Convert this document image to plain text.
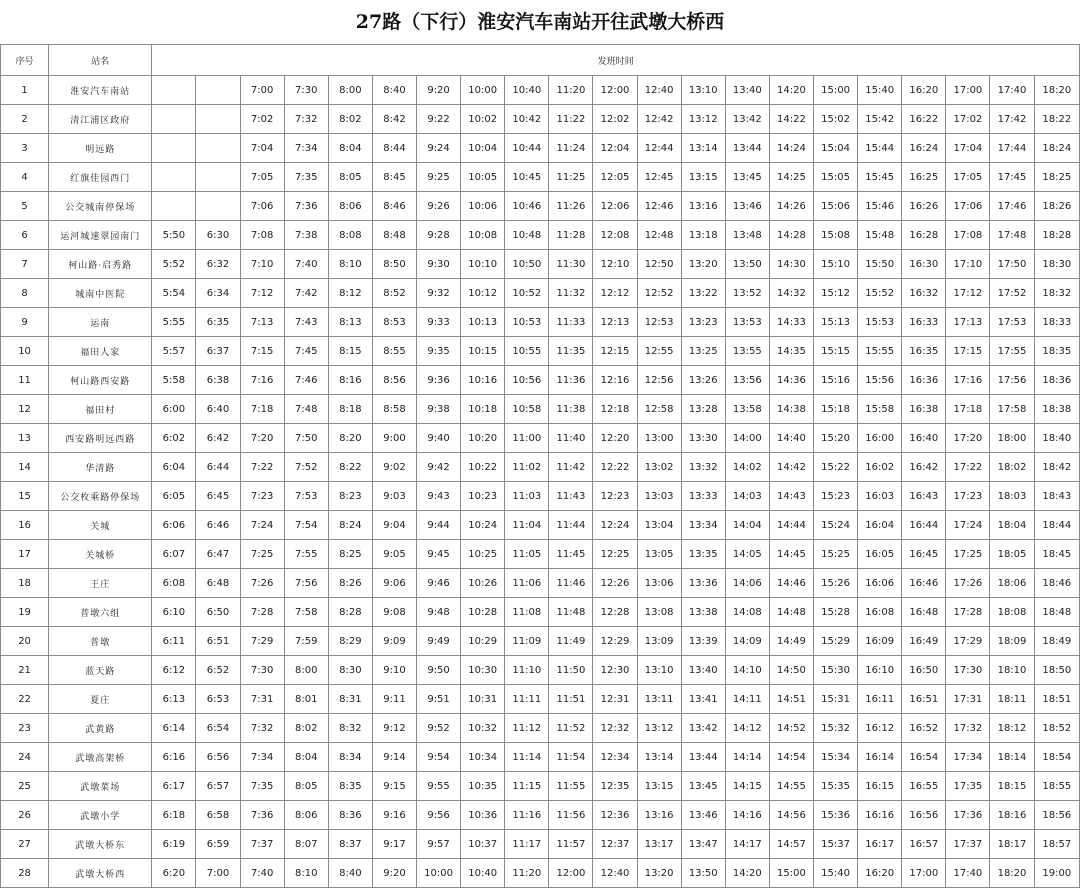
27路（下行）淮安汽车南站开往武墩大桥西
序号	站名	发班时间																				
1	淮安汽车南站			7:00	7:30	8:00	8:40	9:20	10:00	10:40	11:20	12:00	12:40	13:10	13:40	14:20	15:00	15:40	16:20	17:00	17:40	18:20
2	清江浦区政府			7:02	7:32	8:02	8:42	9:22	10:02	10:42	11:22	12:02	12:42	13:12	13:42	14:22	15:02	15:42	16:22	17:02	17:42	18:22
3	明远路			7:04	7:34	8:04	8:44	9:24	10:04	10:44	11:24	12:04	12:44	13:14	13:44	14:24	15:04	15:44	16:24	17:04	17:44	18:24
4	红旗佳园西门			7:05	7:35	8:05	8:45	9:25	10:05	10:45	11:25	12:05	12:45	13:15	13:45	14:25	15:05	15:45	16:25	17:05	17:45	18:25
5	公交城南停保场			7:06	7:36	8:06	8:46	9:26	10:06	10:46	11:26	12:06	12:46	13:16	13:46	14:26	15:06	15:46	16:26	17:06	17:46	18:26
6	运河城速翠园南门	5:50	6:30	7:08	7:38	8:08	8:48	9:28	10:08	10:48	11:28	12:08	12:48	13:18	13:48	14:28	15:08	15:48	16:28	17:08	17:48	18:28
7	柯山路·启秀路	5:52	6:32	7:10	7:40	8:10	8:50	9:30	10:10	10:50	11:30	12:10	12:50	13:20	13:50	14:30	15:10	15:50	16:30	17:10	17:50	18:30
8	城南中医院	5:54	6:34	7:12	7:42	8:12	8:52	9:32	10:12	10:52	11:32	12:12	12:52	13:22	13:52	14:32	15:12	15:52	16:32	17:12	17:52	18:32
9	运南	5:55	6:35	7:13	7:43	8:13	8:53	9:33	10:13	10:53	11:33	12:13	12:53	13:23	13:53	14:33	15:13	15:53	16:33	17:13	17:53	18:33
10	福田人家	5:57	6:37	7:15	7:45	8:15	8:55	9:35	10:15	10:55	11:35	12:15	12:55	13:25	13:55	14:35	15:15	15:55	16:35	17:15	17:55	18:35
11	柯山路西安路	5:58	6:38	7:16	7:46	8:16	8:56	9:36	10:16	10:56	11:36	12:16	12:56	13:26	13:56	14:36	15:16	15:56	16:36	17:16	17:56	18:36
12	福田村	6:00	6:40	7:18	7:48	8:18	8:58	9:38	10:18	10:58	11:38	12:18	12:58	13:28	13:58	14:38	15:18	15:58	16:38	17:18	17:58	18:38
13	西安路明远西路	6:02	6:42	7:20	7:50	8:20	9:00	9:40	10:20	11:00	11:40	12:20	13:00	13:30	14:00	14:40	15:20	16:00	16:40	17:20	18:00	18:40
14	华清路	6:04	6:44	7:22	7:52	8:22	9:02	9:42	10:22	11:02	11:42	12:22	13:02	13:32	14:02	14:42	15:22	16:02	16:42	17:22	18:02	18:42
15	公交枚乘路停保场	6:05	6:45	7:23	7:53	8:23	9:03	9:43	10:23	11:03	11:43	12:23	13:03	13:33	14:03	14:43	15:23	16:03	16:43	17:23	18:03	18:43
16	关城	6:06	6:46	7:24	7:54	8:24	9:04	9:44	10:24	11:04	11:44	12:24	13:04	13:34	14:04	14:44	15:24	16:04	16:44	17:24	18:04	18:44
17	关城桥	6:07	6:47	7:25	7:55	8:25	9:05	9:45	10:25	11:05	11:45	12:25	13:05	13:35	14:05	14:45	15:25	16:05	16:45	17:25	18:05	18:45
18	王庄	6:08	6:48	7:26	7:56	8:26	9:06	9:46	10:26	11:06	11:46	12:26	13:06	13:36	14:06	14:46	15:26	16:06	16:46	17:26	18:06	18:46
19	普墩六组	6:10	6:50	7:28	7:58	8:28	9:08	9:48	10:28	11:08	11:48	12:28	13:08	13:38	14:08	14:48	15:28	16:08	16:48	17:28	18:08	18:48
20	普墩	6:11	6:51	7:29	7:59	8:29	9:09	9:49	10:29	11:09	11:49	12:29	13:09	13:39	14:09	14:49	15:29	16:09	16:49	17:29	18:09	18:49
21	蓝天路	6:12	6:52	7:30	8:00	8:30	9:10	9:50	10:30	11:10	11:50	12:30	13:10	13:40	14:10	14:50	15:30	16:10	16:50	17:30	18:10	18:50
22	夏庄	6:13	6:53	7:31	8:01	8:31	9:11	9:51	10:31	11:11	11:51	12:31	13:11	13:41	14:11	14:51	15:31	16:11	16:51	17:31	18:11	18:51
23	武黄路	6:14	6:54	7:32	8:02	8:32	9:12	9:52	10:32	11:12	11:52	12:32	13:12	13:42	14:12	14:52	15:32	16:12	16:52	17:32	18:12	18:52
24	武墩高架桥	6:16	6:56	7:34	8:04	8:34	9:14	9:54	10:34	11:14	11:54	12:34	13:14	13:44	14:14	14:54	15:34	16:14	16:54	17:34	18:14	18:54
25	武墩菜场	6:17	6:57	7:35	8:05	8:35	9:15	9:55	10:35	11:15	11:55	12:35	13:15	13:45	14:15	14:55	15:35	16:15	16:55	17:35	18:15	18:55
26	武墩小学	6:18	6:58	7:36	8:06	8:36	9:16	9:56	10:36	11:16	11:56	12:36	13:16	13:46	14:16	14:56	15:36	16:16	16:56	17:36	18:16	18:56
27	武墩大桥东	6:19	6:59	7:37	8:07	8:37	9:17	9:57	10:37	11:17	11:57	12:37	13:17	13:47	14:17	14:57	15:37	16:17	16:57	17:37	18:17	18:57
28	武墩大桥西	6:20	7:00	7:40	8:10	8:40	9:20	10:00	10:40	11:20	12:00	12:40	13:20	13:50	14:20	15:00	15:40	16:20	17:00	17:40	18:20	19:00
